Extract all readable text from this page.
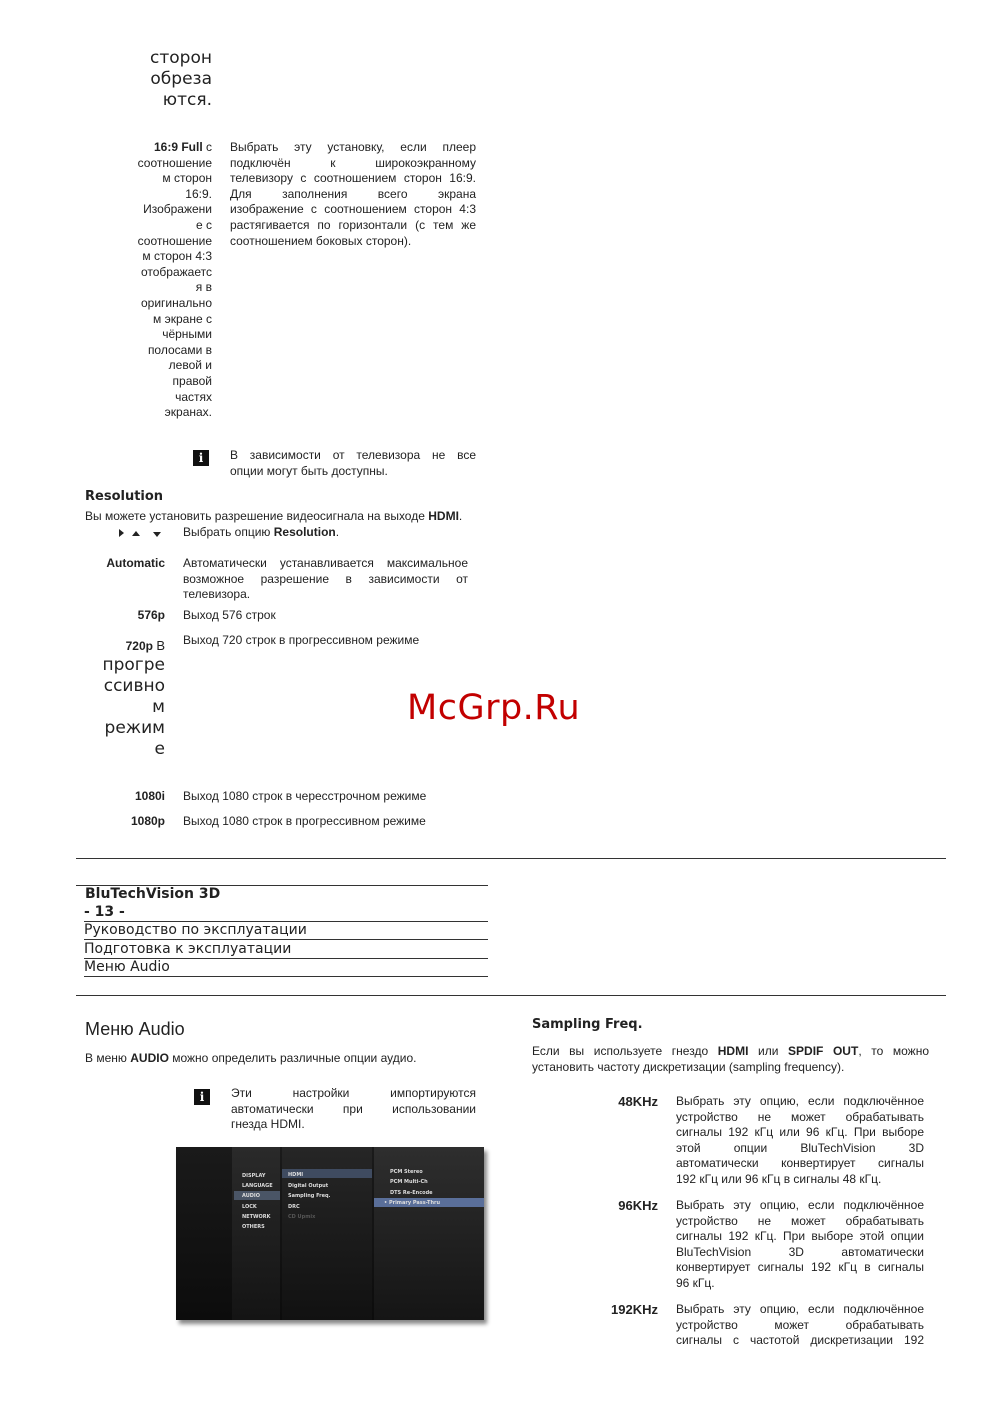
сторон
обреза
ются.
16:9 Full с
соотношение
м сторон
16:9.
Изображени
е с
соотношение
м сторон 4:3
отображаетс
я в
оригинально
м экране с
чёрными
полосами в
левой и
правой
частях
экранах.
Выбрать эту установку, если плеер
подключён к широкоэкранному
телевизору с соотношением сторон 16:9.
Для заполнения всего экрана
изображение с соотношением сторон 4:3
растягивается по горизонтали (с тем же
соотношением боковых сторон).
i	В зависимости от телевизора не все
опции могут быть доступны.
Resolution
Вы можете установить разрешение видеосигнала на выходе HDMI.
Выбрать опцию Resolution.
Automatic Автоматически устанавливается максимальное
возможное разрешение в зависимости от
телевизора.
576p Выход 576 строк
720p В Выход 720 строк в прогрессивном режиме
прогре
ссивно
м
режим
е
1080i Выход 1080 строк в чересстрочном режиме
1080p Выход 1080 строк в прогрессивном режиме
McGrp.Ru
BluTechVision 3D
- 13 -
Руководство по эксплуатации
Подготовка к эксплуатации
Меню Audio
Меню Audio
В меню AUDIO можно определить различные опции аудио.
i	Эти настройки импортируются
автоматически при использовании
гнезда HDMI.
DISPLAY
LANGUAGE
AUDIO
LOCK
NETWORK
OTHERS
HDMI
Digital Output
Sampling Freq.
DRC
CD Upmix
PCM Stereo
PCM Multi-Ch
DTS Re-Encode
• Primary Pass-Thru
Sampling Freq.
Если вы используете гнездо HDMI или SPDIF OUT, то можно
установить частоту дискретизации (sampling frequency).
48KHz Выбрать эту опцию, если подключённое
устройство не может обрабатывать
сигналы 192 кГц или 96 кГц. При выборе
этой опции BluTechVision 3D
автоматически конвертирует сигналы
192 кГц или 96 кГц в сигналы 48 кГц.
96KHz Выбрать эту опцию, если подключённое
устройство не может обрабатывать
сигналы 192 кГц. При выборе этой опции
BluTechVision 3D автоматически
конвертирует сигналы 192 кГц в сигналы
96 кГц.
192KHz Выбрать эту опцию, если подключённое
устройство может обрабатывать
сигналы с частотой дискретизации 192
